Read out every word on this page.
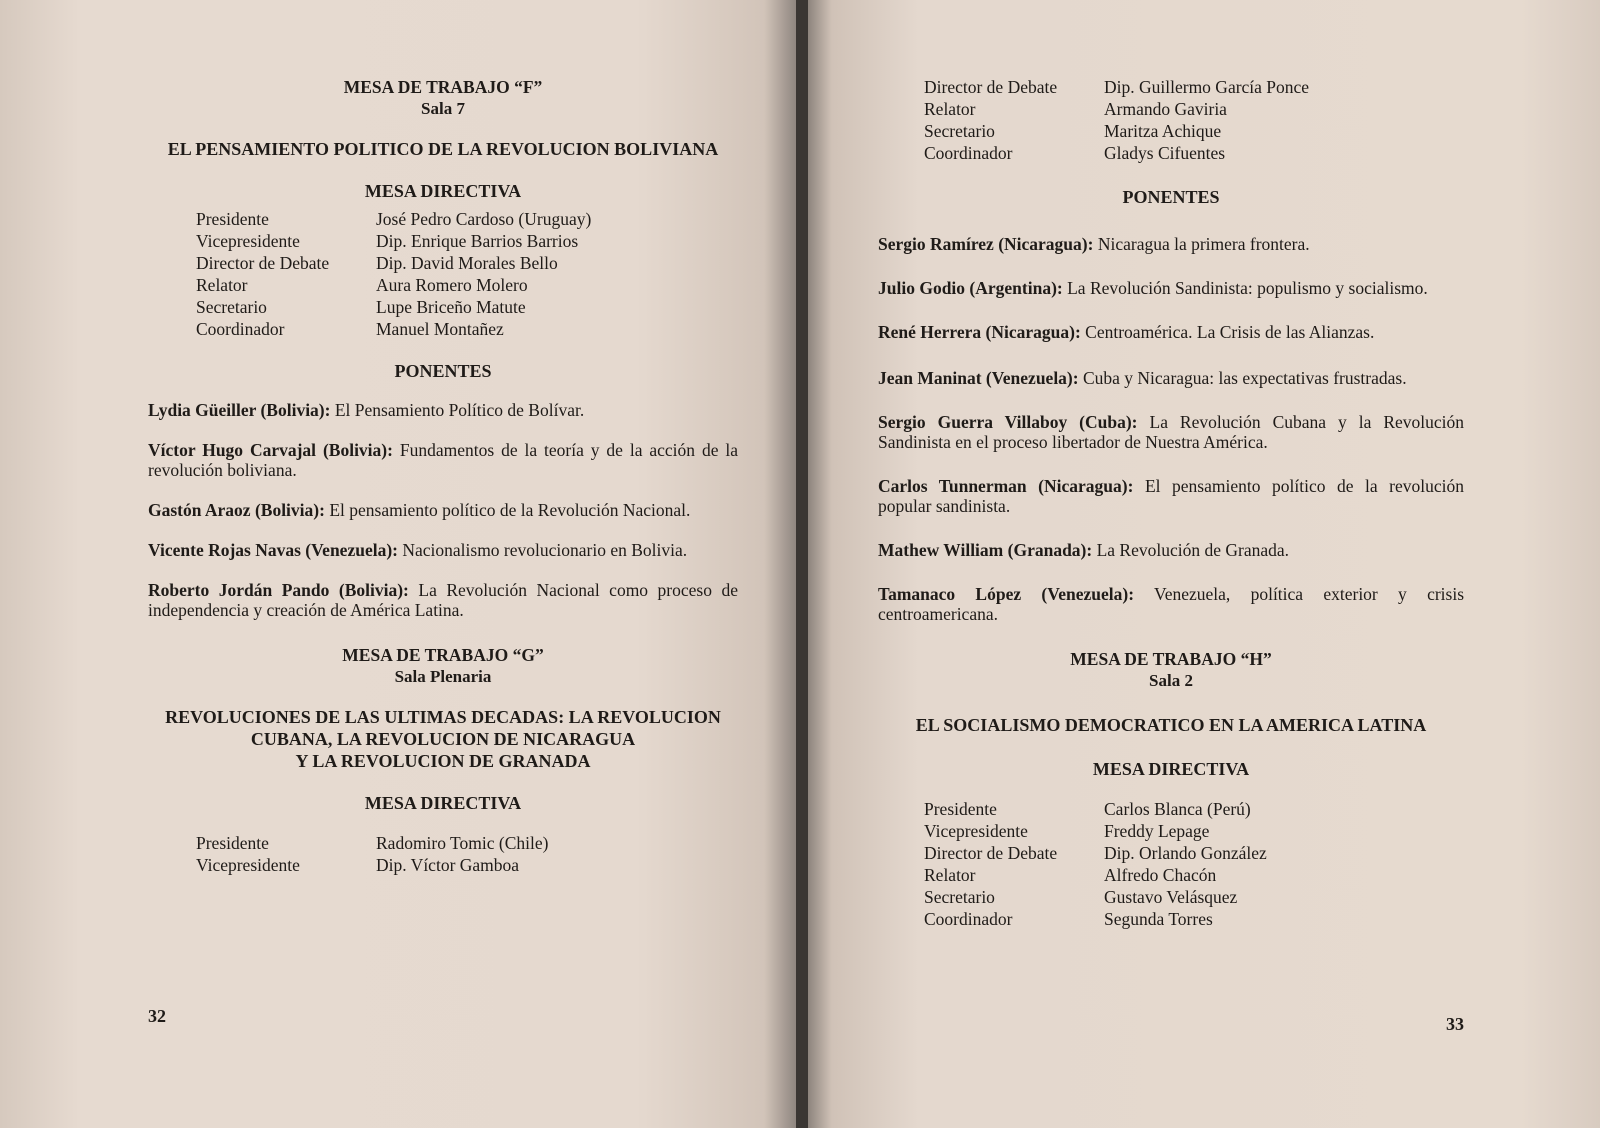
MESA DE TRABAJO “F”
Sala 7
EL PENSAMIENTO POLITICO DE LA REVOLUCION BOLIVIANA
MESA DIRECTIVA
Presidente	José Pedro Cardoso (Uruguay)
Vicepresidente	Dip. Enrique Barrios Barrios
Director de Debate	Dip. David Morales Bello
Relator	Aura Romero Molero
Secretario	Lupe Briceño Matute
Coordinador	Manuel Montañez
PONENTES

Lydia Güeiller (Bolivia): El Pensamiento Político de Bolívar.

Víctor Hugo Carvajal (Bolivia): Fundamentos de la teoría y de la acción de la revolución boliviana.

Gastón Araoz (Bolivia): El pensamiento político de la Revolución Nacional.

Vicente Rojas Navas (Venezuela): Nacionalismo revolucionario en Bolivia.

Roberto Jordán Pando (Bolivia): La Revolución Nacional como proceso de independencia y creación de América Latina.

MESA DE TRABAJO “G”
Sala Plenaria
REVOLUCIONES DE LAS ULTIMAS DECADAS: LA REVOLUCION
CUBANA, LA REVOLUCION DE NICARAGUA
Y LA REVOLUCION DE GRANADA
MESA DIRECTIVA
Presidente	Radomiro Tomic (Chile)
Vicepresidente	Dip. Víctor Gamboa
32
Director de Debate	Dip. Guillermo García Ponce
Relator	Armando Gaviria
Secretario	Maritza Achique
Coordinador	Gladys Cifuentes
PONENTES

Sergio Ramírez (Nicaragua): Nicaragua la primera frontera.

Julio Godio (Argentina): La Revolución Sandinista: populismo y socialismo.

René Herrera (Nicaragua): Centroamérica. La Crisis de las Alianzas.

Jean Maninat (Venezuela): Cuba y Nicaragua: las expectativas frustradas.

Sergio Guerra Villaboy (Cuba): La Revolución Cubana y la Revolución Sandinista en el proceso libertador de Nuestra América.

Carlos Tunnerman (Nicaragua): El pensamiento político de la revolución popular sandinista.

Mathew William (Granada): La Revolución de Granada.

Tamanaco López (Venezuela): Venezuela, política exterior y crisis centroamericana.

MESA DE TRABAJO “H”
Sala 2
EL SOCIALISMO DEMOCRATICO EN LA AMERICA LATINA
MESA DIRECTIVA
Presidente	Carlos Blanca (Perú)
Vicepresidente	Freddy Lepage
Director de Debate	Dip. Orlando González
Relator	Alfredo Chacón
Secretario	Gustavo Velásquez
Coordinador	Segunda Torres
33
